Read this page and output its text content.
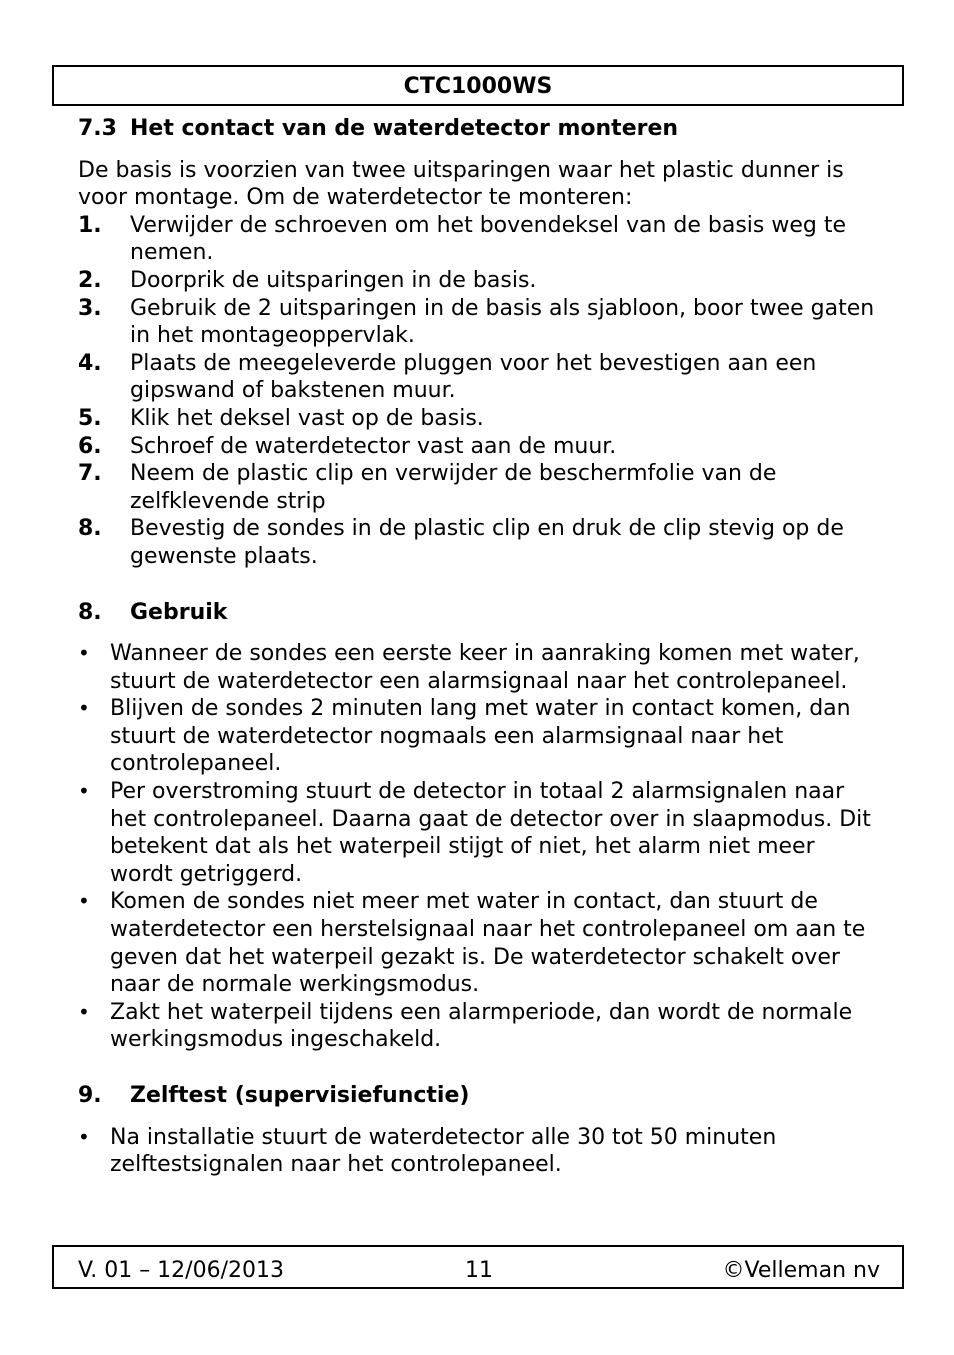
CTC1000WS
7.3 Het contact van de waterdetector monteren

De basis is voorzien van twee uitsparingen waar het plastic dunner is voor montage. Om de waterdetector te monteren:

1.	Verwijder de schroeven om het bovendeksel van de basis weg te nemen.
2.	Doorprik de uitsparingen in de basis.
3.	Gebruik de 2 uitsparingen in de basis als sjabloon, boor twee gaten in het montageoppervlak.
4.	Plaats de meegeleverde pluggen voor het bevestigen aan een gipswand of bakstenen muur.
5.	Klik het deksel vast op de basis.
6.	Schroef de waterdetector vast aan de muur.
7.	Neem de plastic clip en verwijder de beschermfolie van de zelfklevende strip
8.	Bevestig de sondes in de plastic clip en druk de clip stevig op de gewenste plaats.
8.	Gebruik
• Wanneer de sondes een eerste keer in aanraking komen met water, stuurt de waterdetector een alarmsignaal naar het controlepaneel.
• Blijven de sondes 2 minuten lang met water in contact komen, dan stuurt de waterdetector nogmaals een alarmsignaal naar het controlepaneel.
• Per overstroming stuurt de detector in totaal 2 alarmsignalen naar het controlepaneel. Daarna gaat de detector over in slaapmodus. Dit betekent dat als het waterpeil stijgt of niet, het alarm niet meer wordt getriggerd.
• Komen de sondes niet meer met water in contact, dan stuurt de waterdetector een herstelsignaal naar het controlepaneel om aan te geven dat het waterpeil gezakt is. De waterdetector schakelt over naar de normale werkingsmodus.
• Zakt het waterpeil tijdens een alarmperiode, dan wordt de normale werkingsmodus ingeschakeld.
9.	Zelftest (supervisiefunctie)
• Na installatie stuurt de waterdetector alle 30 tot 50 minuten zelftestsignalen naar het controlepaneel.
V. 01 – 12/06/2013	11	©Velleman nv
